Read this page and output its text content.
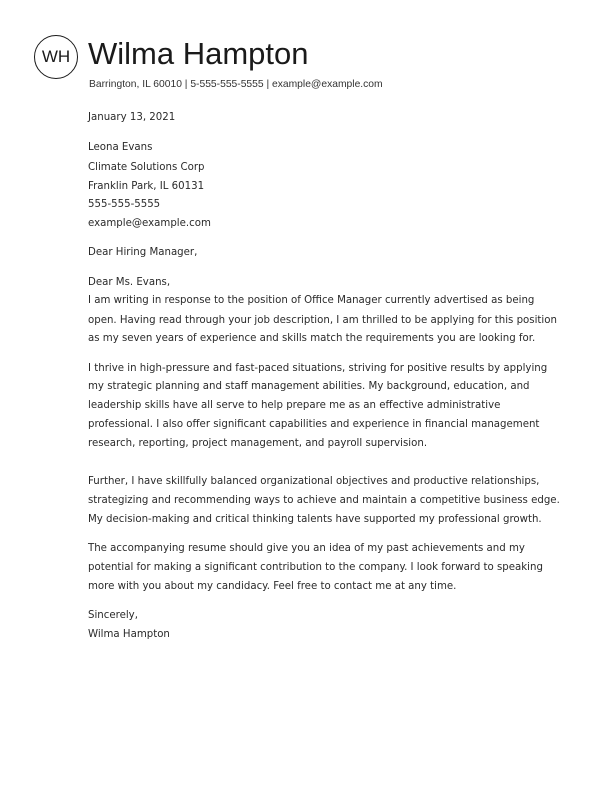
WH Wilma Hampton
Barrington, IL 60010 | 5-555-555-5555 | example@example.com
January 13, 2021
Leona Evans
Climate Solutions Corp
Franklin Park, IL 60131
555-555-5555
example@example.com
Dear Hiring Manager,
Dear Ms. Evans,
I am writing in response to the position of Office Manager currently advertised as being
open. Having read through your job description, I am thrilled to be applying for this position
as my seven years of experience and skills match the requirements you are looking for.
I thrive in high-pressure and fast-paced situations, striving for positive results by applying
my strategic planning and staff management abilities. My background, education, and
leadership skills have all serve to help prepare me as an effective administrative
professional. I also offer significant capabilities and experience in financial management
research, reporting, project management, and payroll supervision.
Further, I have skillfully balanced organizational objectives and productive relationships,
strategizing and recommending ways to achieve and maintain a competitive business edge.
My decision-making and critical thinking talents have supported my professional growth.
The accompanying resume should give you an idea of my past achievements and my
potential for making a significant contribution to the company. I look forward to speaking
more with you about my candidacy. Feel free to contact me at any time.
Sincerely,
Wilma Hampton
